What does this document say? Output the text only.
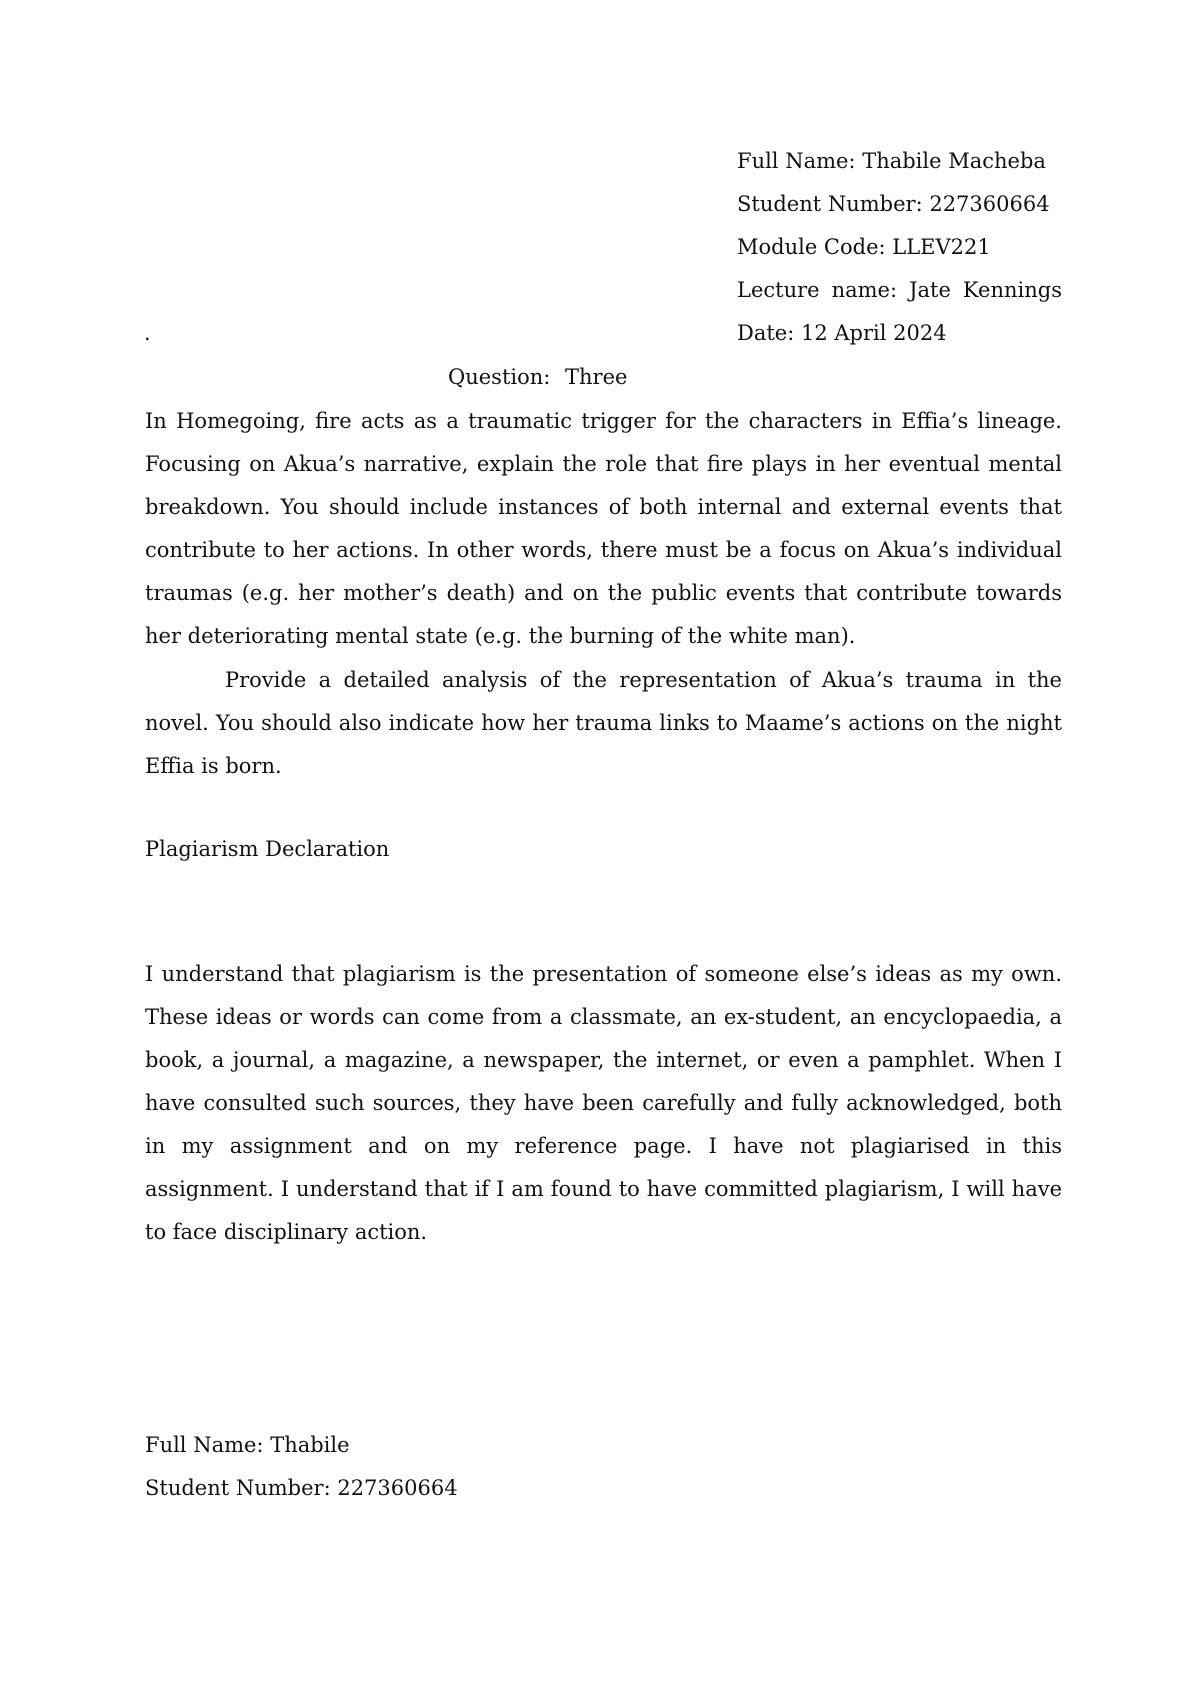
Full Name: Thabile Macheba
Student Number: 227360664
Module Code: LLEV221
Lecture name: Jate Kennings
Date: 12 April 2024
.
Question: Three

In Homegoing, fire acts as a traumatic trigger for the characters in Effia’s lineage. Focusing on Akua’s narrative, explain the role that fire plays in her eventual mental breakdown. You should include instances of both internal and external events that contribute to her actions. In other words, there must be a focus on Akua’s individual traumas (e.g. her mother’s death) and on the public events that contribute towards her deteriorating mental state (e.g. the burning of the white man).

Provide a detailed analysis of the representation of Akua’s trauma in the novel. You should also indicate how her trauma links to Maame’s actions on the night Effia is born.

Plagiarism Declaration

I understand that plagiarism is the presentation of someone else’s ideas as my own. These ideas or words can come from a classmate, an ex-student, an encyclopaedia, a book, a journal, a magazine, a newspaper, the internet, or even a pamphlet. When I have consulted such sources, they have been carefully and fully acknowledged, both in my assignment and on my reference page. I have not plagiarised in this assignment. I understand that if I am found to have committed plagiarism, I will have to face disciplinary action.

Full Name: Thabile
Student Number: 227360664
